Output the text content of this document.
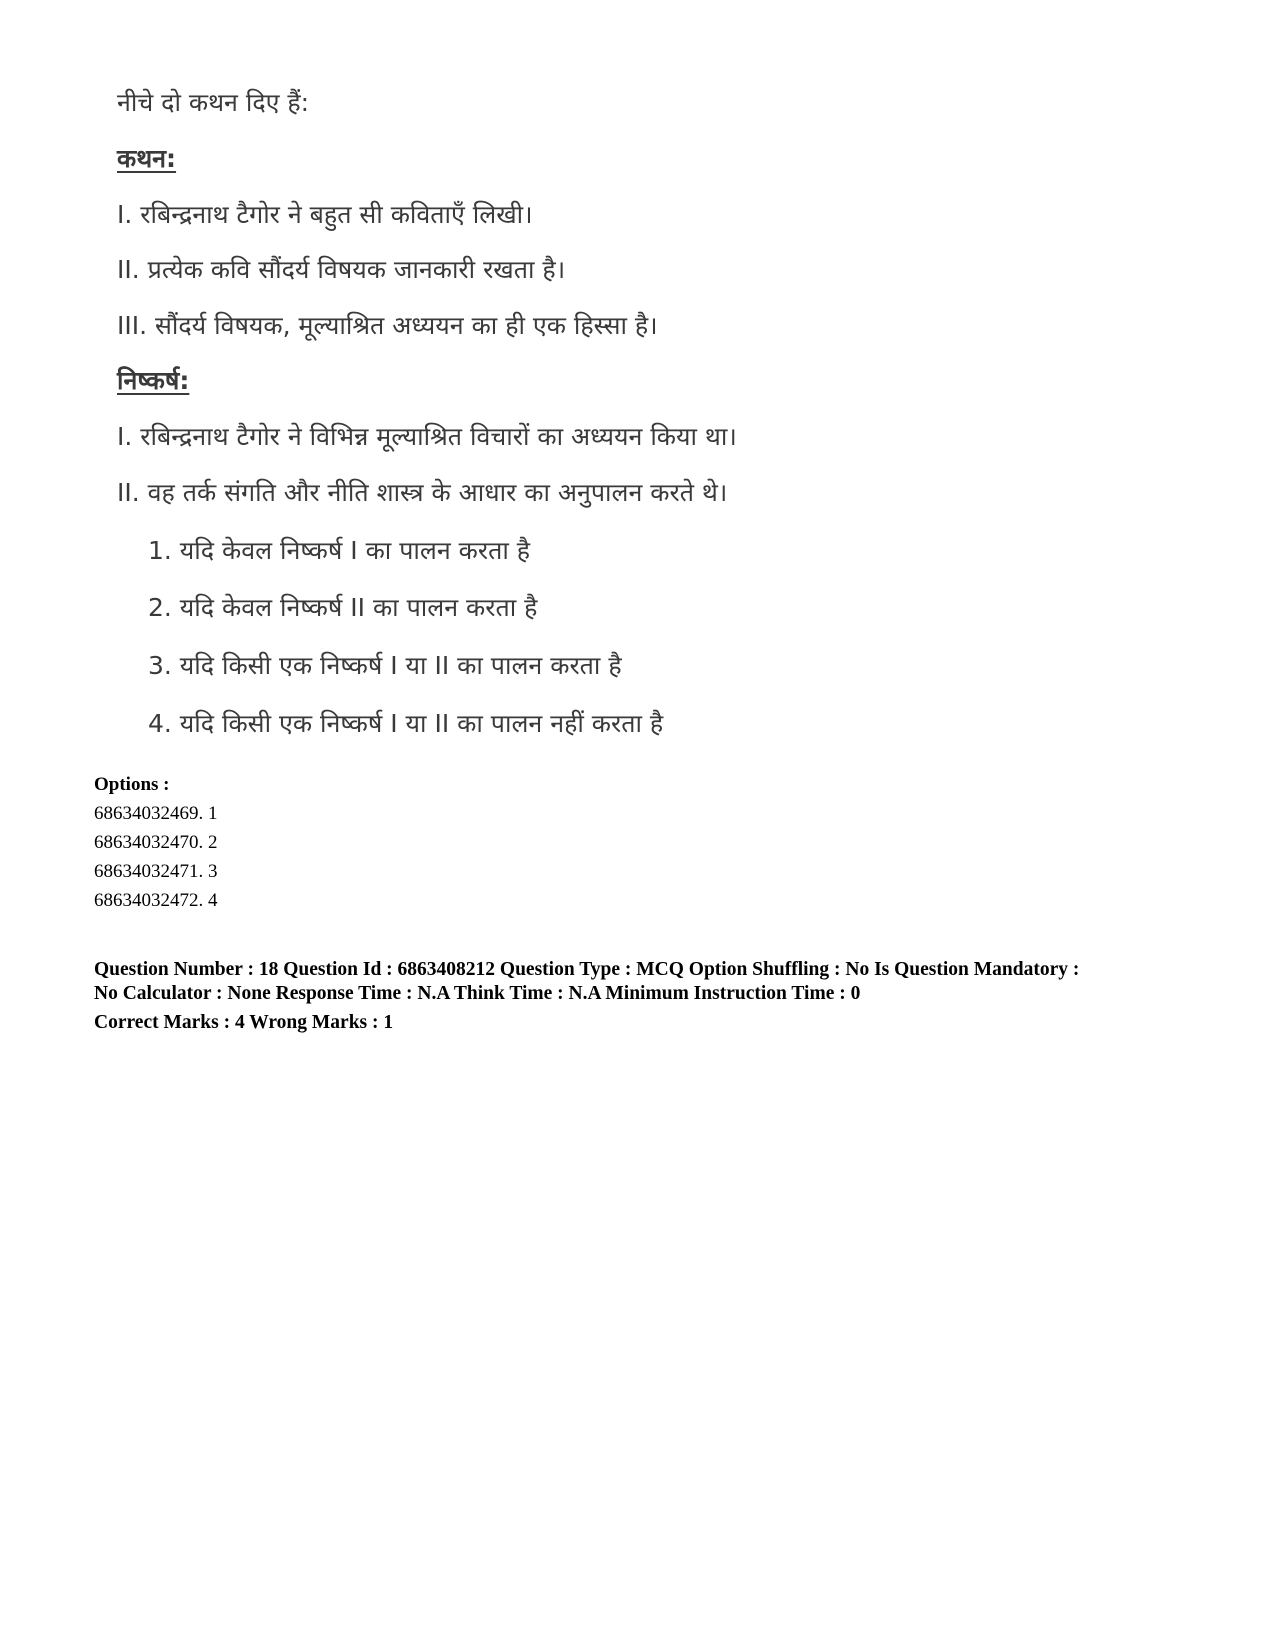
नीचे दो कथन दिए हैं:
कथन:
I. रबिन्द्रनाथ टैगोर ने बहुत सी कविताएँ लिखी।
II. प्रत्येक कवि सौंदर्य विषयक जानकारी रखता है।
III. सौंदर्य विषयक, मूल्याश्रित अध्ययन का ही एक हिस्सा है।
निष्कर्ष:
I. रबिन्द्रनाथ टैगोर ने विभिन्न मूल्याश्रित विचारों का अध्ययन किया था।
II. वह तर्क संगति और नीति शास्त्र के आधार का अनुपालन करते थे।
1. यदि केवल निष्कर्ष I का पालन करता है
2. यदि केवल निष्कर्ष II का पालन करता है
3. यदि किसी एक निष्कर्ष I या II का पालन करता है
4. यदि किसी एक निष्कर्ष I या II का पालन नहीं करता है
Options :
68634032469. 1
68634032470. 2
68634032471. 3
68634032472. 4
Question Number : 18 Question Id : 6863408212 Question Type : MCQ Option Shuffling : No Is Question Mandatory :
No Calculator : None Response Time : N.A Think Time : N.A Minimum Instruction Time : 0
Correct Marks : 4 Wrong Marks : 1
